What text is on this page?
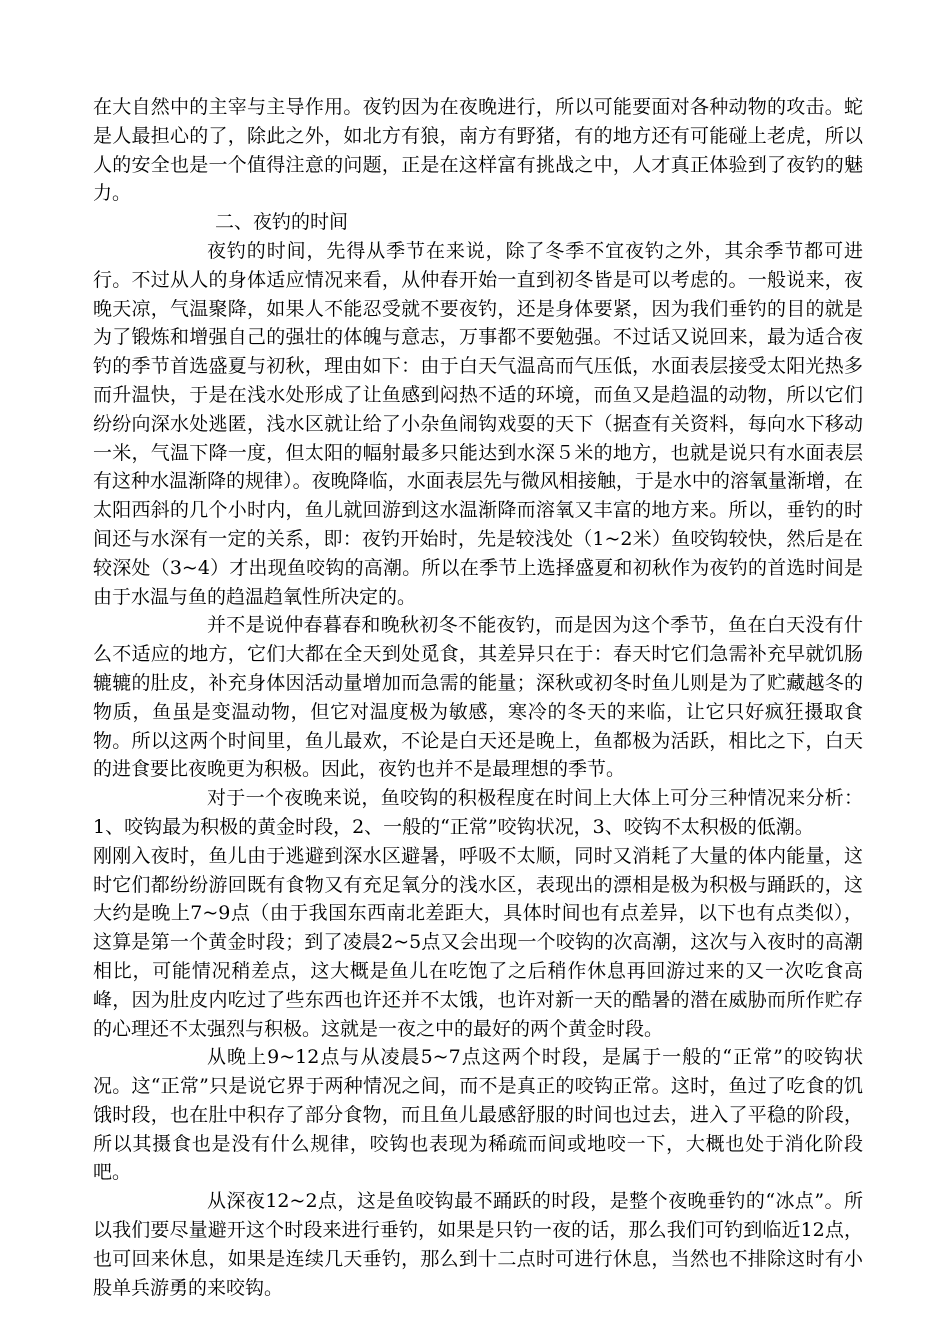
在大自然中的主宰与主导作用。夜钓因为在夜晚进行，所以可能要面对各种动物的攻击。蛇是人最担心的了，除此之外，如北方有狼，南方有野猪，有的地方还有可能碰上老虎，所以人的安全也是一个值得注意的问题，正是在这样富有挑战之中，人才真正体验到了夜钓的魅力。

二、夜钓的时间

夜钓的时间，先得从季节在来说，除了冬季不宜夜钓之外，其余季节都可进行。不过从人的身体适应情况来看，从仲春开始一直到初冬皆是可以考虑的。一般说来，夜晚天凉，气温聚降，如果人不能忍受就不要夜钓，还是身体要紧，因为我们垂钓的目的就是为了锻炼和增强自己的强壮的体魄与意志，万事都不要勉强。不过话又说回来，最为适合夜钓的季节首选盛夏与初秋，理由如下：由于白天气温高而气压低，水面表层接受太阳光热多而升温快，于是在浅水处形成了让鱼感到闷热不适的环境，而鱼又是趋温的动物，所以它们纷纷向深水处逃匿，浅水区就让给了小杂鱼闹钩戏耍的天下（据查有关资料，每向水下移动一米，气温下降一度，但太阳的幅射最多只能达到水深５米的地方，也就是说只有水面表层有这种水温渐降的规律）。夜晚降临，水面表层先与微风相接触，于是水中的溶氧量渐增，在太阳西斜的几个小时内，鱼儿就回游到这水温渐降而溶氧又丰富的地方来。所以，垂钓的时间还与水深有一定的关系，即：夜钓开始时，先是较浅处（1~2米）鱼咬钩较快，然后是在较深处（3~4）才出现鱼咬钩的高潮。所以在季节上选择盛夏和初秋作为夜钓的首选时间是由于水温与鱼的趋温趋氧性所决定的。

并不是说仲春暮春和晚秋初冬不能夜钓，而是因为这个季节，鱼在白天没有什么不适应的地方，它们大都在全天到处觅食，其差异只在于：春天时它们急需补充早就饥肠辘辘的肚皮，补充身体因活动量增加而急需的能量；深秋或初冬时鱼儿则是为了贮藏越冬的物质，鱼虽是变温动物，但它对温度极为敏感，寒冷的冬天的来临，让它只好疯狂摄取食物。所以这两个时间里，鱼儿最欢，不论是白天还是晚上，鱼都极为活跃，相比之下，白天的进食要比夜晚更为积极。因此，夜钓也并不是最理想的季节。

对于一个夜晚来说，鱼咬钩的积极程度在时间上大体上可分三种情况来分析：1、咬钩最为积极的黄金时段，2、一般的“正常”咬钩状况，3、咬钩不太积极的低潮。

刚刚入夜时，鱼儿由于逃避到深水区避暑，呼吸不太顺，同时又消耗了大量的体内能量，这时它们都纷纷游回既有食物又有充足氧分的浅水区，表现出的漂相是极为积极与踊跃的，这大约是晚上7~9点（由于我国东西南北差距大，具体时间也有点差异，以下也有点类似），这算是第一个黄金时段；到了凌晨2~5点又会出现一个咬钩的次高潮，这次与入夜时的高潮相比，可能情况稍差点，这大概是鱼儿在吃饱了之后稍作休息再回游过来的又一次吃食高峰，因为肚皮内吃过了些东西也许还并不太饿，也许对新一天的酷暑的潜在威胁而所作贮存的心理还不太强烈与积极。这就是一夜之中的最好的两个黄金时段。

从晚上9~12点与从凌晨5~7点这两个时段，是属于一般的“正常”的咬钩状况。这“正常”只是说它界于两种情况之间，而不是真正的咬钩正常。这时，鱼过了吃食的饥饿时段，也在肚中积存了部分食物，而且鱼儿最感舒服的时间也过去，进入了平稳的阶段，所以其摄食也是没有什么规律，咬钩也表现为稀疏而间或地咬一下，大概也处于消化阶段吧。

从深夜12~2点，这是鱼咬钩最不踊跃的时段，是整个夜晚垂钓的“冰点”。所以我们要尽量避开这个时段来进行垂钓，如果是只钓一夜的话，那么我们可钓到临近12点，也可回来休息，如果是连续几天垂钓，那么到十二点时可进行休息，当然也不排除这时有小股单兵游勇的来咬钩。
